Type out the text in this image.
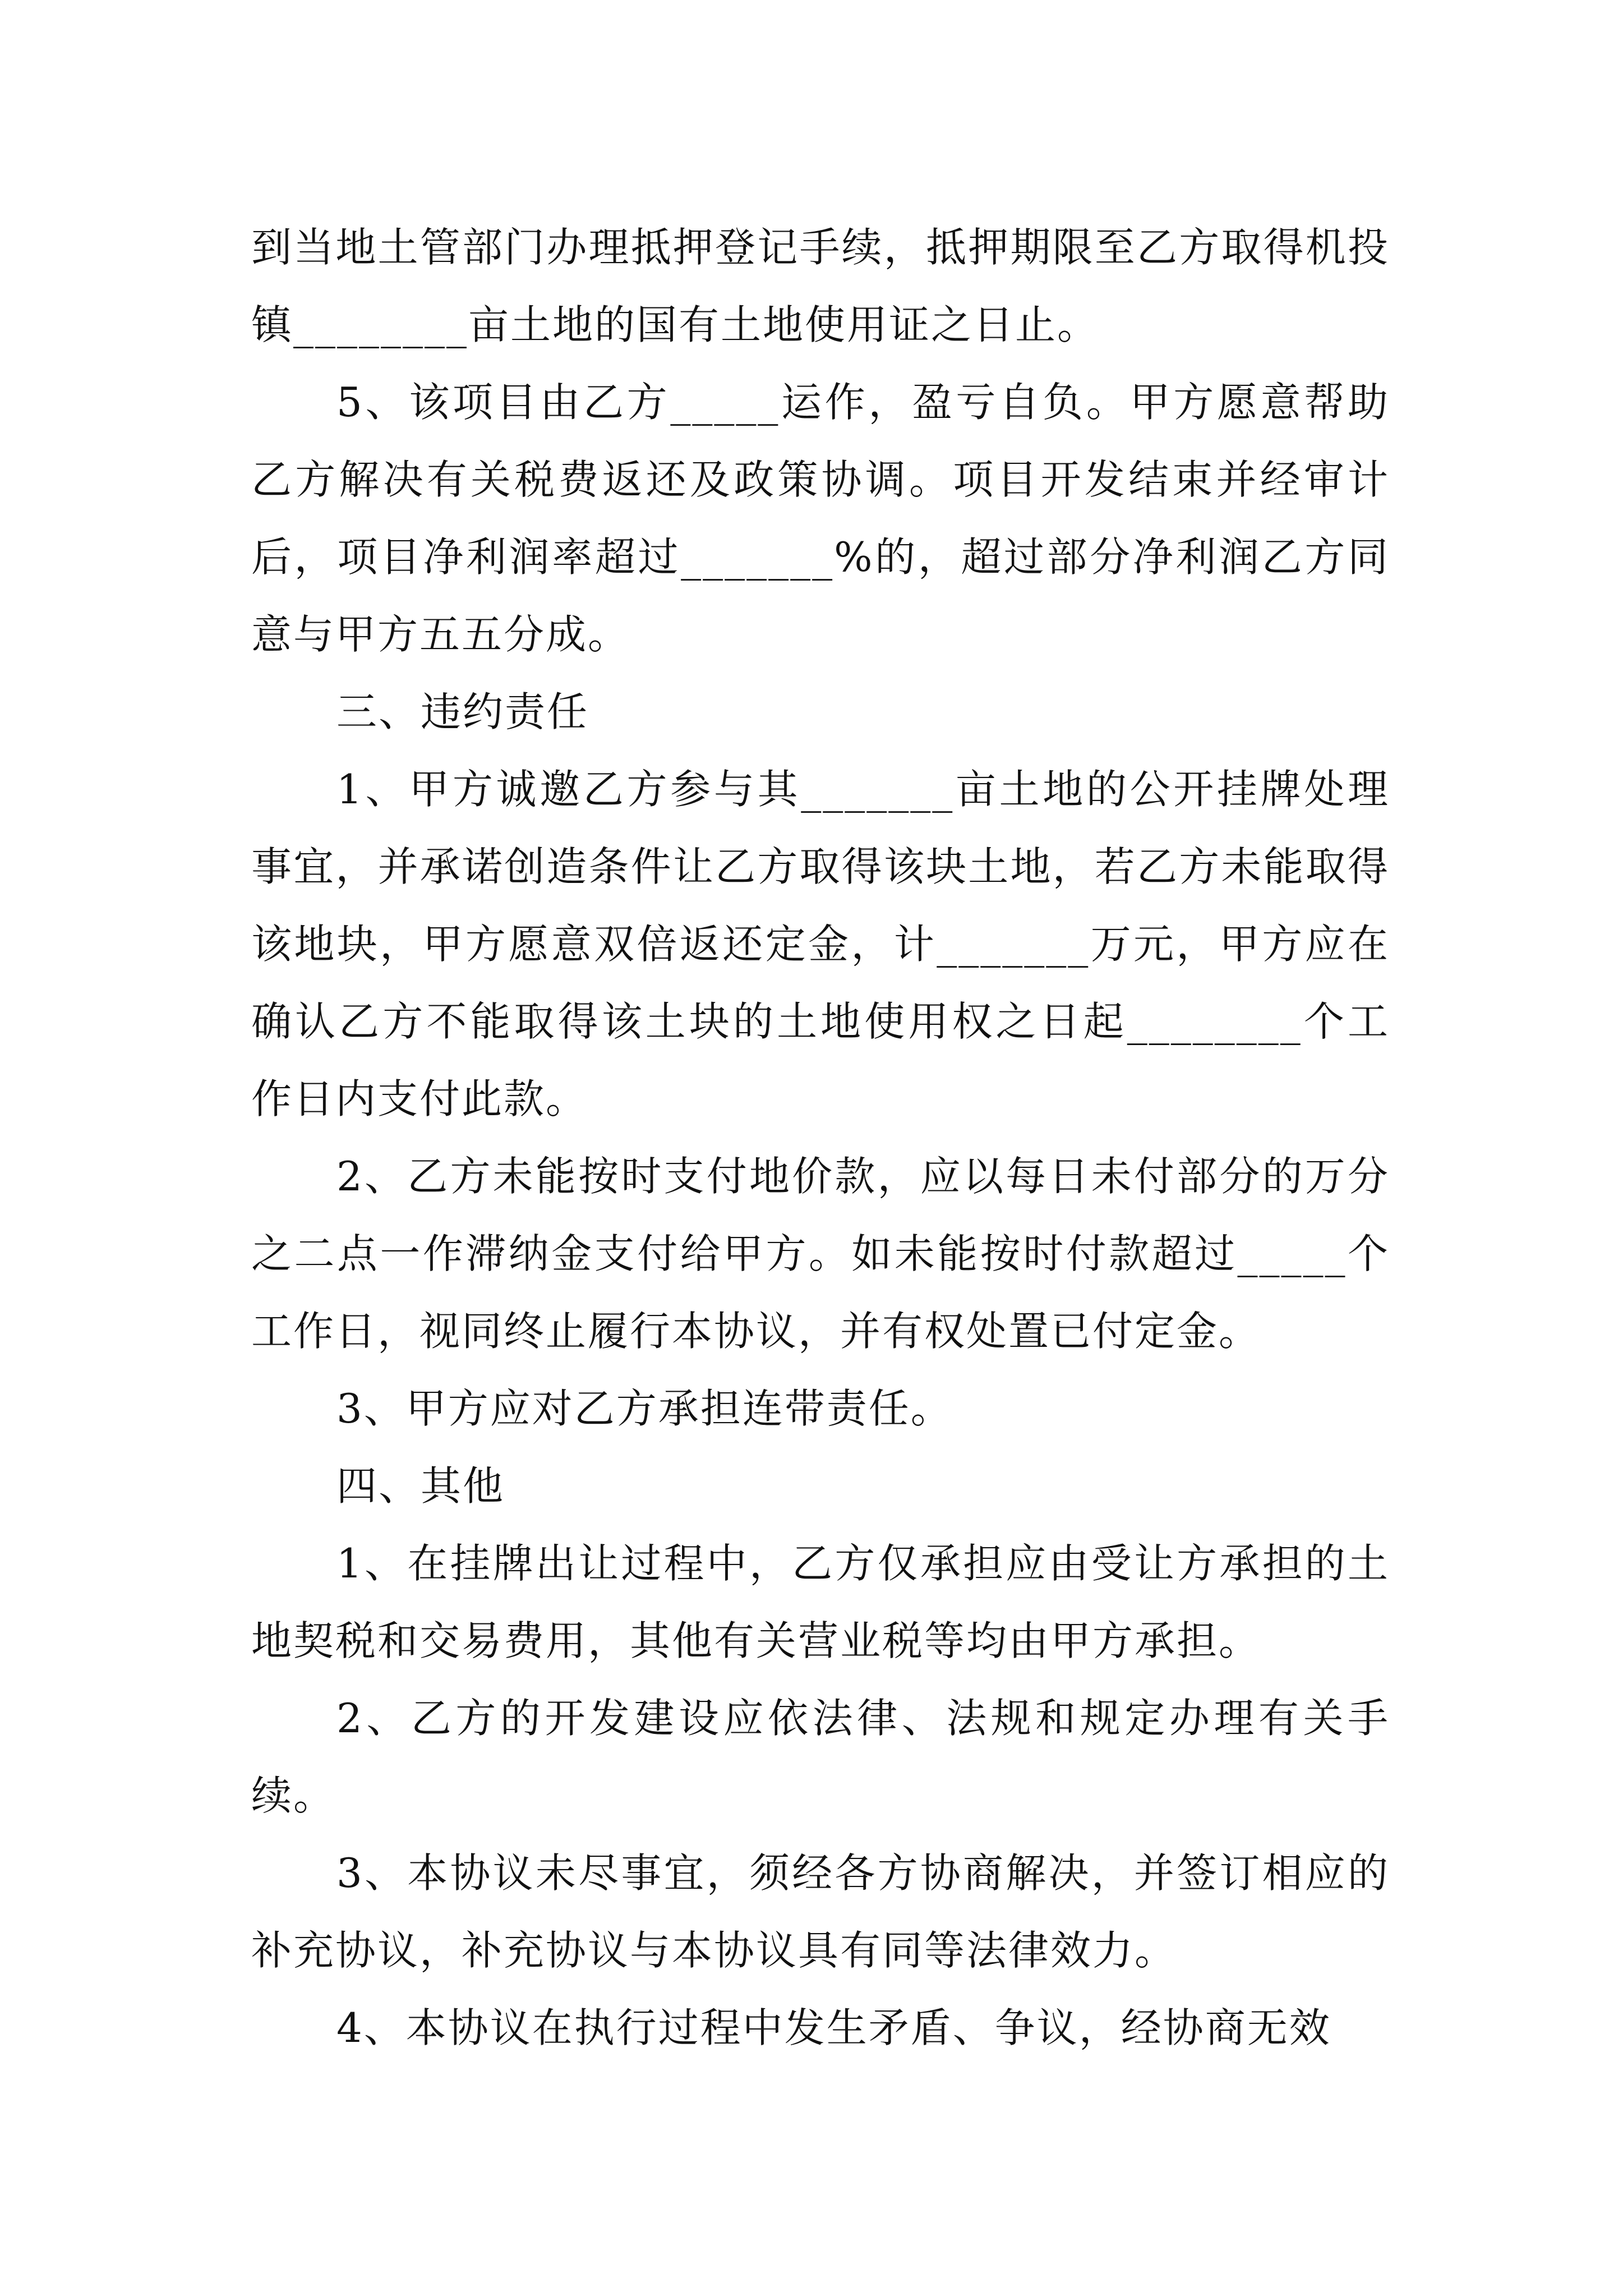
到当地土管部门办理抵押登记手续，抵押期限至乙方取得机投镇________亩土地的国有土地使用证之日止。

5、该项目由乙方_____运作，盈亏自负。甲方愿意帮助乙方解决有关税费返还及政策协调。项目开发结束并经审计后，项目净利润率超过_______%的，超过部分净利润乙方同意与甲方五五分成。

三、违约责任

1、甲方诚邀乙方参与其_______亩土地的公开挂牌处理事宜，并承诺创造条件让乙方取得该块土地，若乙方未能取得该地块，甲方愿意双倍返还定金，计_______万元，甲方应在确认乙方不能取得该土块的土地使用权之日起________个工作日内支付此款。

2、乙方未能按时支付地价款，应以每日未付部分的万分之二点一作滞纳金支付给甲方。如未能按时付款超过_____个工作日，视同终止履行本协议，并有权处置已付定金。

3、甲方应对乙方承担连带责任。

四、其他

1、在挂牌出让过程中，乙方仅承担应由受让方承担的土地契税和交易费用，其他有关营业税等均由甲方承担。

2、乙方的开发建设应依法律、法规和规定办理有关手续。

3、本协议未尽事宜，须经各方协商解决，并签订相应的补充协议，补充协议与本协议具有同等法律效力。

4、本协议在执行过程中发生矛盾、争议，经协商无效
